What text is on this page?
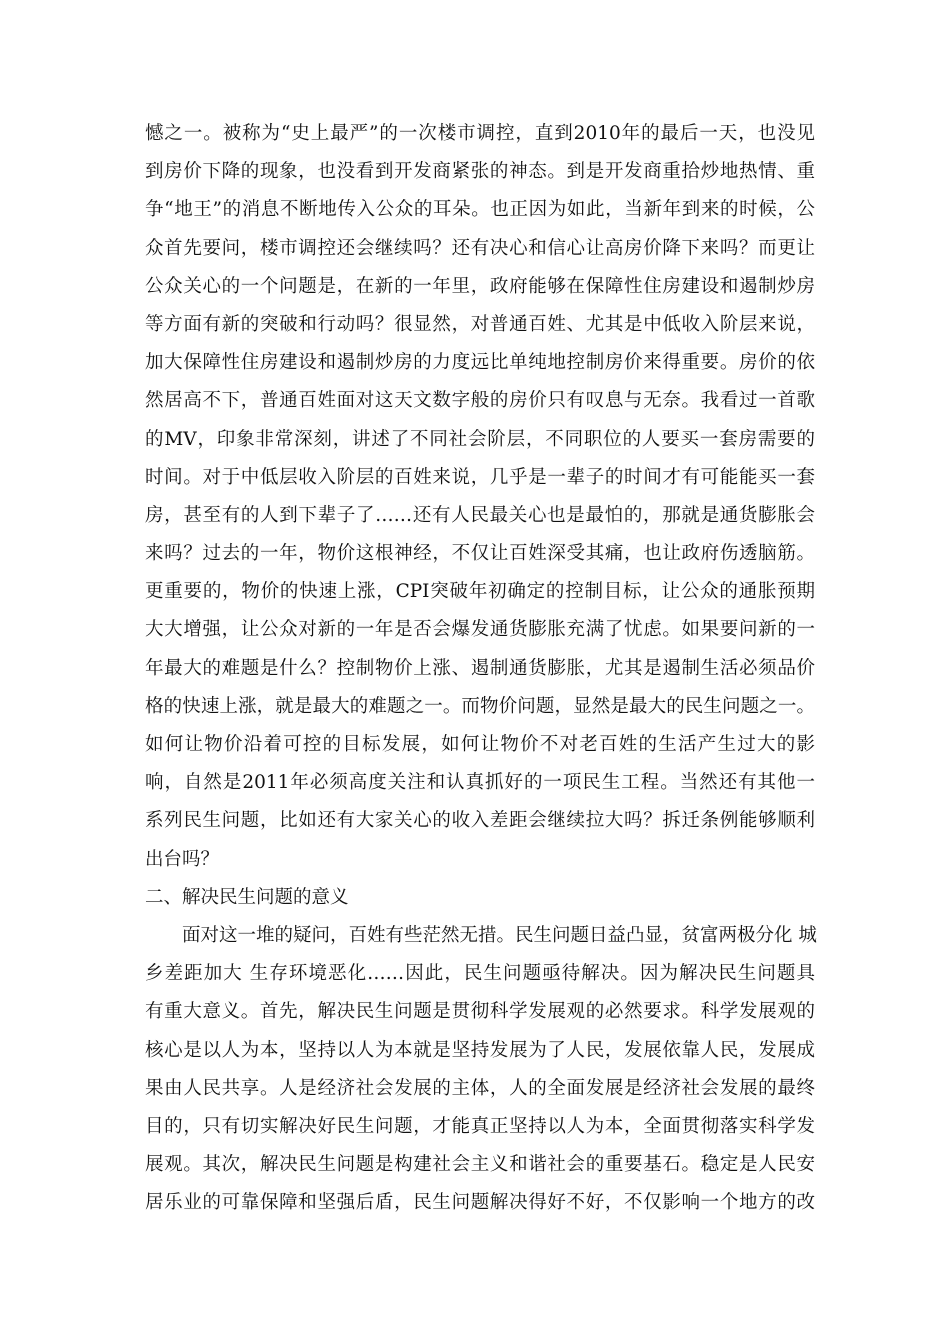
憾之一。被称为“史上最严”的一次楼市调控，直到2010年的最后一天，也没见
到房价下降的现象，也没看到开发商紧张的神态。到是开发商重拾炒地热情、重
争“地王”的消息不断地传入公众的耳朵。也正因为如此，当新年到来的时候，公
众首先要问，楼市调控还会继续吗？还有决心和信心让高房价降下来吗？而更让
公众关心的一个问题是，在新的一年里，政府能够在保障性住房建设和遏制炒房
等方面有新的突破和行动吗？很显然，对普通百姓、尤其是中低收入阶层来说，
加大保障性住房建设和遏制炒房的力度远比单纯地控制房价来得重要。房价的依
然居高不下，普通百姓面对这天文数字般的房价只有叹息与无奈。我看过一首歌
的MV，印象非常深刻，讲述了不同社会阶层，不同职位的人要买一套房需要的
时间。对于中低层收入阶层的百姓来说，几乎是一辈子的时间才有可能能买一套
房，甚至有的人到下辈子了……还有人民最关心也是最怕的，那就是通货膨胀会
来吗？过去的一年，物价这根神经，不仅让百姓深受其痛，也让政府伤透脑筋。
更重要的，物价的快速上涨，CPI突破年初确定的控制目标，让公众的通胀预期
大大增强，让公众对新的一年是否会爆发通货膨胀充满了忧虑。如果要问新的一
年最大的难题是什么？控制物价上涨、遏制通货膨胀，尤其是遏制生活必须品价
格的快速上涨，就是最大的难题之一。而物价问题，显然是最大的民生问题之一。
如何让物价沿着可控的目标发展，如何让物价不对老百姓的生活产生过大的影
响，自然是2011年必须高度关注和认真抓好的一项民生工程。当然还有其他一
系列民生问题，比如还有大家关心的收入差距会继续拉大吗？拆迁条例能够顺利
出台吗？
二、解决民生问题的意义
面对这一堆的疑问，百姓有些茫然无措。民生问题日益凸显，贫富两极分化 城
乡差距加大 生存环境恶化……因此，民生问题亟待解决。因为解决民生问题具
有重大意义。首先，解决民生问题是贯彻科学发展观的必然要求。科学发展观的
核心是以人为本，坚持以人为本就是坚持发展为了人民，发展依靠人民，发展成
果由人民共享。人是经济社会发展的主体，人的全面发展是经济社会发展的最终
目的，只有切实解决好民生问题，才能真正坚持以人为本，全面贯彻落实科学发
展观。其次，解决民生问题是构建社会主义和谐社会的重要基石。稳定是人民安
居乐业的可靠保障和坚强后盾，民生问题解决得好不好，不仅影响一个地方的改
